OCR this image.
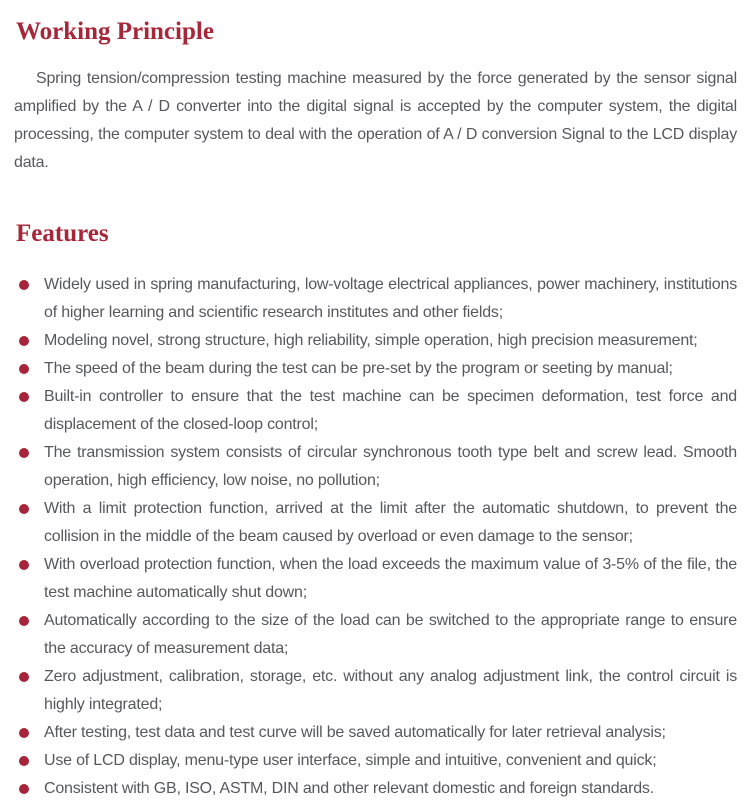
Working Principle

Spring tension/compression testing machine measured by the force generated by the sensor signal amplified by the A / D converter into the digital signal is accepted by the computer system, the digital processing, the computer system to deal with the operation of A / D conversion Signal to the LCD display data.

Features
Widely used in spring manufacturing, low-voltage electrical appliances, power machinery, institutions of higher learning and scientific research institutes and other fields;
Modeling novel, strong structure, high reliability, simple operation, high precision measurement;
The speed of the beam during the test can be pre-set by the program or seeting by manual;
Built-in controller to ensure that the test machine can be specimen deformation, test force and displacement of the closed-loop control;
The transmission system consists of circular synchronous tooth type belt and screw lead. Smooth operation, high efficiency, low noise, no pollution;
With a limit protection function, arrived at the limit after the automatic shutdown, to prevent the collision in the middle of the beam caused by overload or even damage to the sensor;
With overload protection function, when the load exceeds the maximum value of 3-5% of the file, the test machine automatically shut down;
Automatically according to the size of the load can be switched to the appropriate range to ensure the accuracy of measurement data;
Zero adjustment, calibration, storage, etc. without any analog adjustment link, the control circuit is highly integrated;
After testing, test data and test curve will be saved automatically for later retrieval analysis;
Use of LCD display, menu-type user interface, simple and intuitive, convenient and quick;
Consistent with GB, ISO, ASTM, DIN and other relevant domestic and foreign standards.
